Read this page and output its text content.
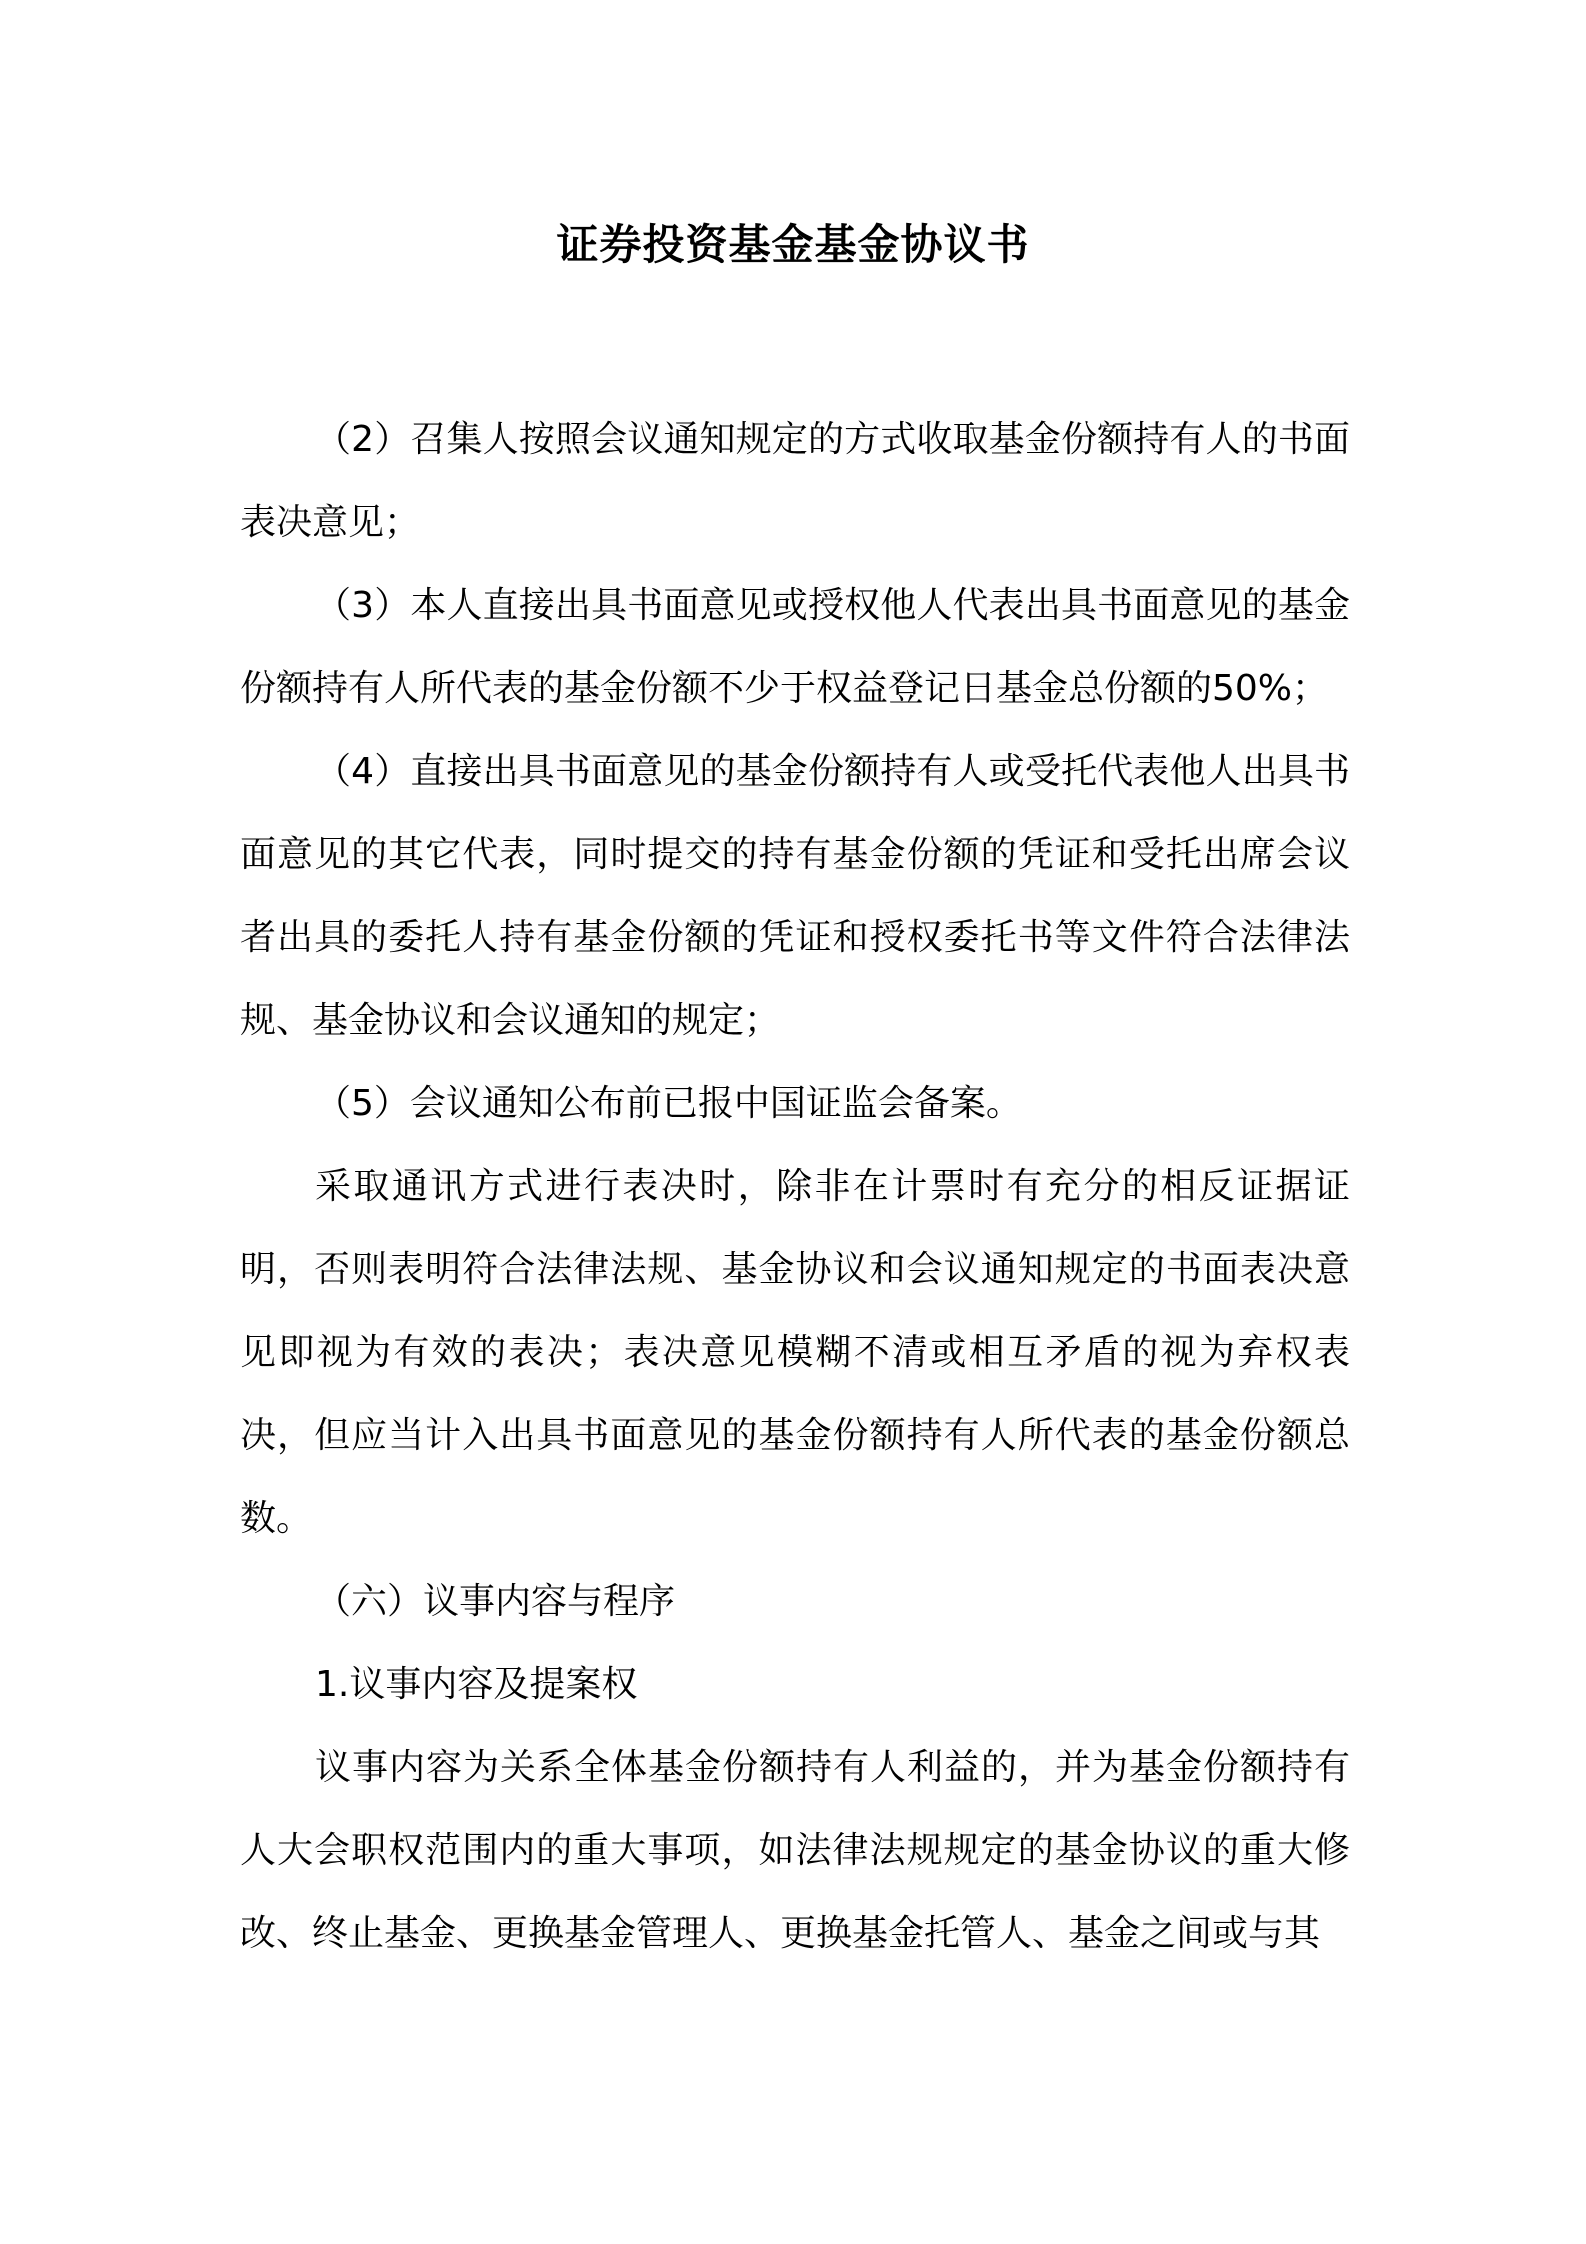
证券投资基金基金协议书

（2）召集人按照会议通知规定的方式收取基金份额持有人的书面表决意见；

（3）本人直接出具书面意见或授权他人代表出具书面意见的基金份额持有人所代表的基金份额不少于权益登记日基金总份额的50%；

（4）直接出具书面意见的基金份额持有人或受托代表他人出具书面意见的其它代表，同时提交的持有基金份额的凭证和受托出席会议者出具的委托人持有基金份额的凭证和授权委托书等文件符合法律法规、基金协议和会议通知的规定；

（5）会议通知公布前已报中国证监会备案。

采取通讯方式进行表决时，除非在计票时有充分的相反证据证明，否则表明符合法律法规、基金协议和会议通知规定的书面表决意见即视为有效的表决；表决意见模糊不清或相互矛盾的视为弃权表决，但应当计入出具书面意见的基金份额持有人所代表的基金份额总数。

（六）议事内容与程序

1.议事内容及提案权

议事内容为关系全体基金份额持有人利益的，并为基金份额持有人大会职权范围内的重大事项，如法律法规规定的基金协议的重大修改、终止基金、更换基金管理人、更换基金托管人、基金之间或与其
